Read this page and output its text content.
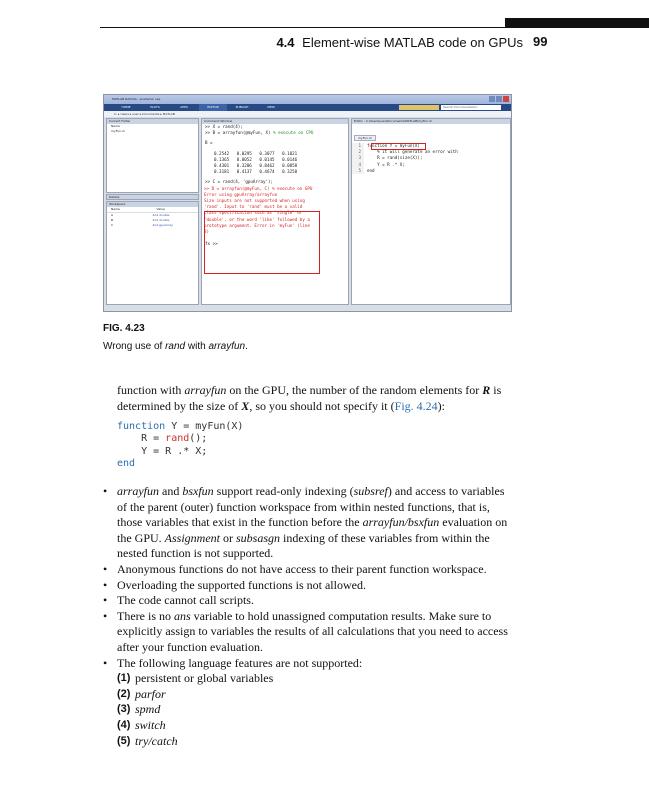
4.4 Element-wise MATLAB code on GPUs 99
MATLAB R2015a - academic use
HOME	PLOTS	APPS	EDITOR	PUBLISH	VIEW	Search Documentation
C: ▸ Users ▸ user ▸ Documents ▸ MATLAB
Current Folder
Name
myFun.m
Details
Workspace
Name	Value
A	4x4 double
B	4x4 double
C	4x4 gpuArray
Command Window
>> X = rand(4);
>> B = arrayfun(@myFun, X) % execute on CPU
B =
0.2542   0.0295   0.3077   0.1021
0.1365   0.0052   0.0145   0.0146
0.4301   0.3206   0.8462   0.0858
0.3181   0.4137   0.4674   0.3258
>> C = rand(4, 'gpuArray');
>> D = arrayfun(@myFun, C) % execute on GPU
Error using gpuArray/arrayfun
Size inputs are not supported when using
'rand'. Input to 'rand' must be a valid
class specification such as 'single' or
'double', or the word 'like' followed by a
prototype argument. Error in 'myFun' (line
3)
fx >>
Editor - C:\Users\user\Documents\MATLAB\myFun.m
myFun.m
1	function Y = myFun(X)
2	% it will generate an error with
3	R = rand(size(X));
4	Y = R .* X;
5	end
FIG. 4.23
Wrong use of rand with arrayfun.
function with arrayfun on the GPU, the number of the random elements for R is determined by the size of X, so you should not specify it (Fig. 4.24):
function Y = myFun(X)
R = rand();
Y = R .* X;
end
• arrayfun and bsxfun support read-only indexing (subsref) and access to variables of the parent (outer) function workspace from within nested functions, that is, those variables that exist in the function before the arrayfun/bsxfun evaluation on the GPU. Assignment or subsasgn indexing of these variables from within the nested function is not supported.
• Anonymous functions do not have access to their parent function workspace.
• Overloading the supported functions is not allowed.
• The code cannot call scripts.
• There is no ans variable to hold unassigned computation results. Make sure to explicitly assign to variables the results of all calculations that you need to access after your function evaluation.
• The following language features are not supported:
(1) persistent or global variables
(2) parfor
(3) spmd
(4) switch
(5) try/catch
